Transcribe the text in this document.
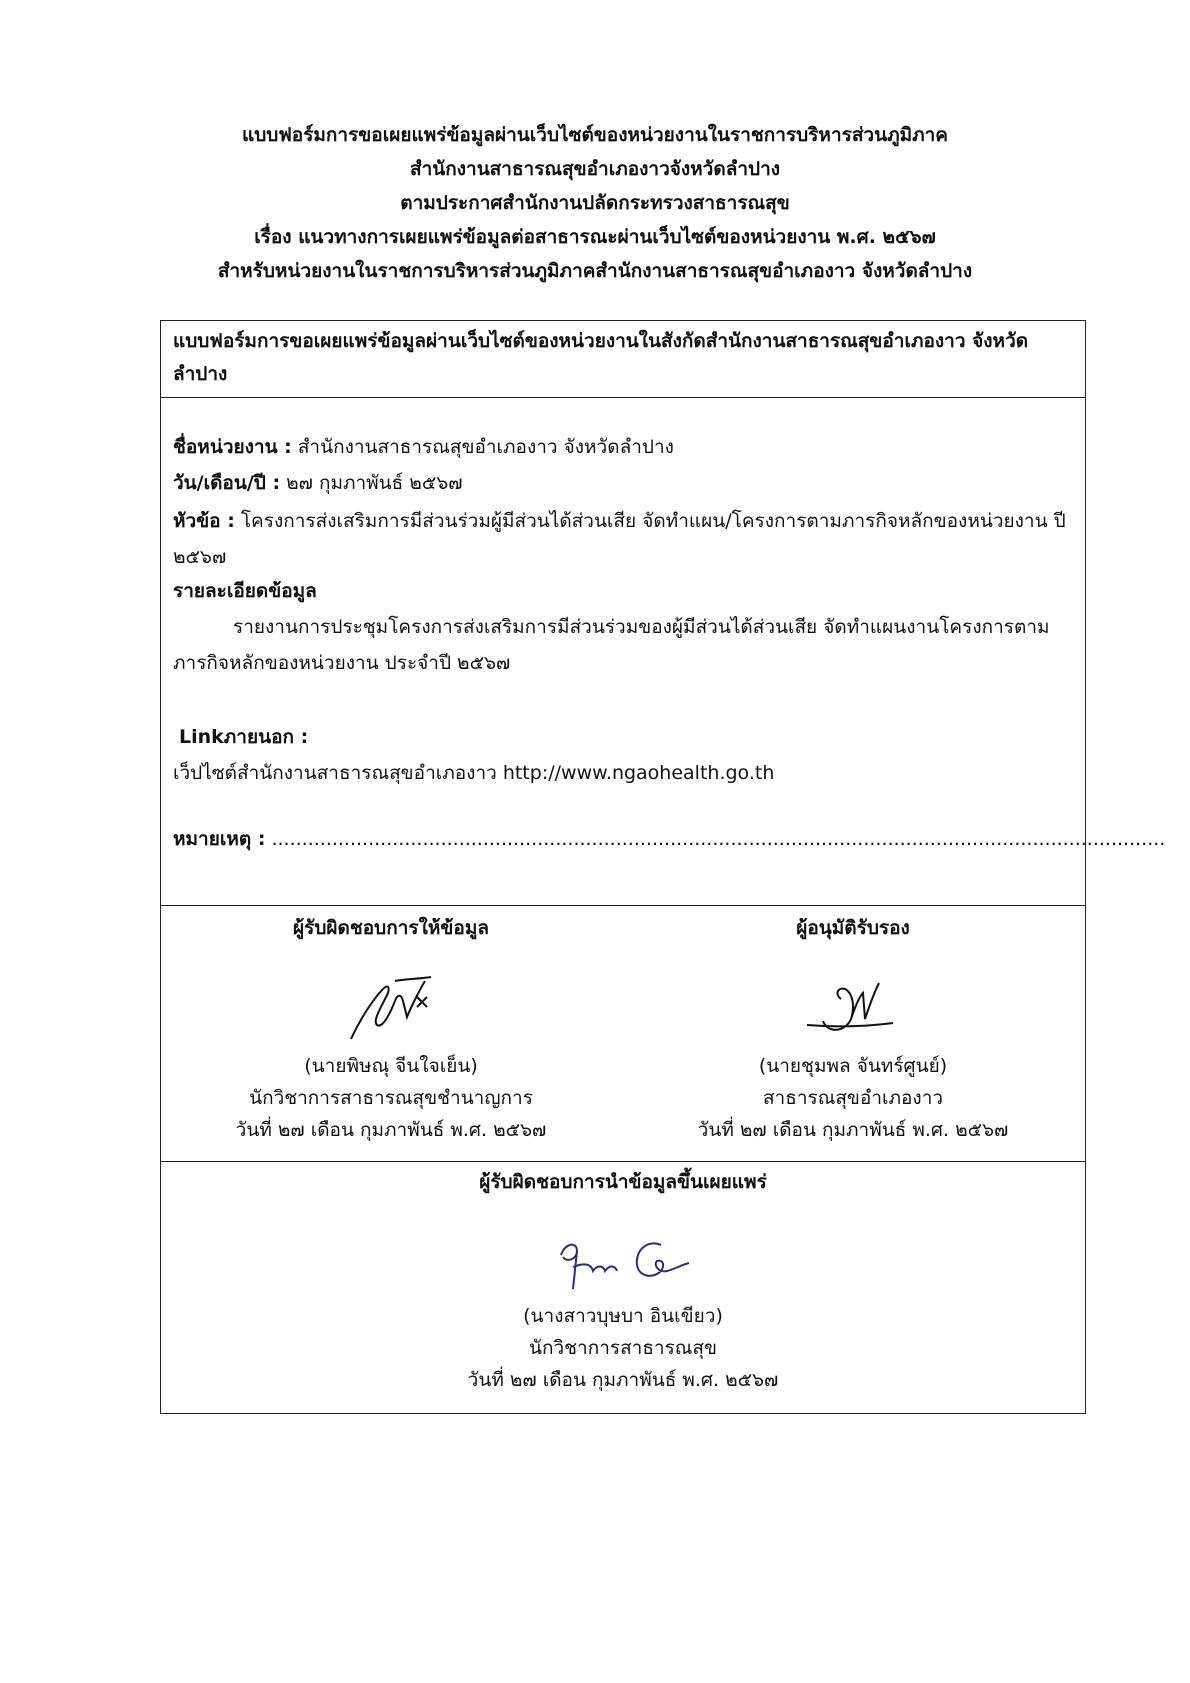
แบบฟอร์มการขอเผยแพร่ข้อมูลผ่านเว็บไซต์ของหน่วยงานในราชการบริหารส่วนภูมิภาค
สำนักงานสาธารณสุขอำเภองาวจังหวัดลำปาง
ตามประกาศสำนักงานปลัดกระทรวงสาธารณสุข
เรื่อง แนวทางการเผยแพร่ข้อมูลต่อสาธารณะผ่านเว็บไซต์ของหน่วยงาน พ.ศ. ๒๕๖๗
สำหรับหน่วยงานในราชการบริหารส่วนภูมิภาคสำนักงานสาธารณสุขอำเภองาว จังหวัดลำปาง
แบบฟอร์มการขอเผยแพร่ข้อมูลผ่านเว็บไซต์ของหน่วยงานในสังกัดสำนักงานสาธารณสุขอำเภองาว จังหวัดลำปาง
ชื่อหน่วยงาน : สำนักงานสาธารณสุขอำเภองาว จังหวัดลำปาง
วัน/เดือน/ปี : ๒๗ กุมภาพันธ์ ๒๕๖๗
หัวข้อ : โครงการส่งเสริมการมีส่วนร่วมผู้มีส่วนได้ส่วนเสีย จัดทำแผน/โครงการตามภารกิจหลักของหน่วยงาน ปี ๒๕๖๗
รายละเอียดข้อมูล
รายงานการประชุมโครงการส่งเสริมการมีส่วนร่วมของผู้มีส่วนได้ส่วนเสีย จัดทำแผนงานโครงการตามภารกิจหลักของหน่วยงาน ประจำปี ๒๕๖๗
Linkภายนอก :
เว็ปไซต์สำนักงานสาธารณสุขอำเภองาว http://www.ngaohealth.go.th
หมายเหตุ : ....................................................................................................................................................
ผู้รับผิดชอบการให้ข้อมูล
(นายพิษณุ จีนใจเย็น)
นักวิชาการสาธารณสุขชำนาญการ
วันที่ ๒๗ เดือน กุมภาพันธ์ พ.ศ. ๒๕๖๗
ผู้อนุมัติรับรอง
(นายชุมพล จันทร์ศูนย์)
สาธารณสุขอำเภองาว
วันที่ ๒๗ เดือน กุมภาพันธ์ พ.ศ. ๒๕๖๗
ผู้รับผิดชอบการนำข้อมูลขึ้นเผยแพร่
(นางสาวบุษบา อินเขียว)
นักวิชาการสาธารณสุข
วันที่ ๒๗ เดือน กุมภาพันธ์ พ.ศ. ๒๕๖๗
